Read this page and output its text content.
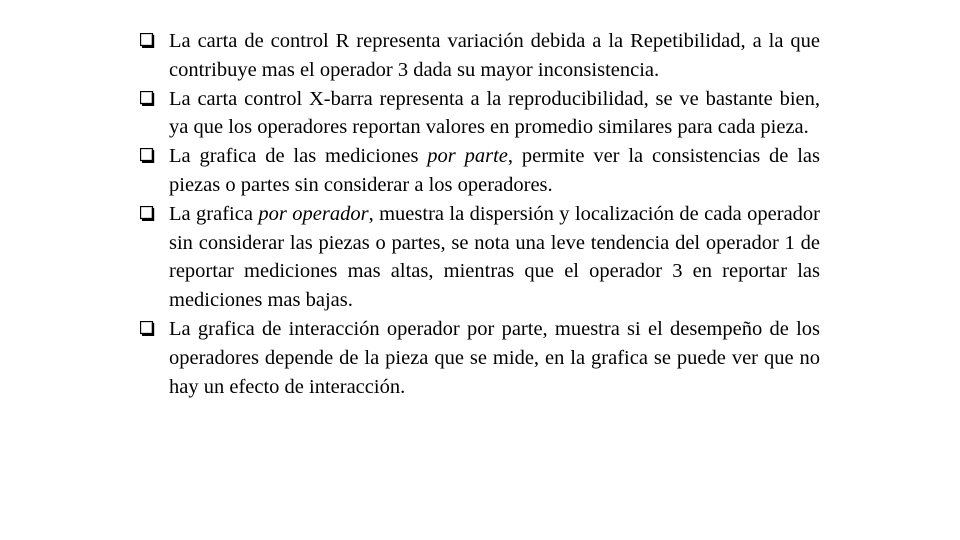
La carta de control R representa variación debida a la Repetibilidad, a la que contribuye mas el operador 3 dada su mayor inconsistencia.
La carta control X-barra representa a la reproducibilidad, se ve bastante bien, ya que los operadores reportan valores en promedio similares para cada pieza.
La grafica de las mediciones por parte, permite ver la consistencias de las piezas o partes sin considerar a los operadores.
La grafica por operador, muestra la dispersión y localización de cada operador sin considerar las piezas o partes, se nota una leve tendencia del operador 1 de reportar mediciones mas altas, mientras que el operador 3 en reportar las mediciones mas bajas.
La grafica de interacción operador por parte, muestra si el desempeño de los operadores depende de la pieza que se mide, en la grafica se puede ver que no hay un efecto de interacción.
